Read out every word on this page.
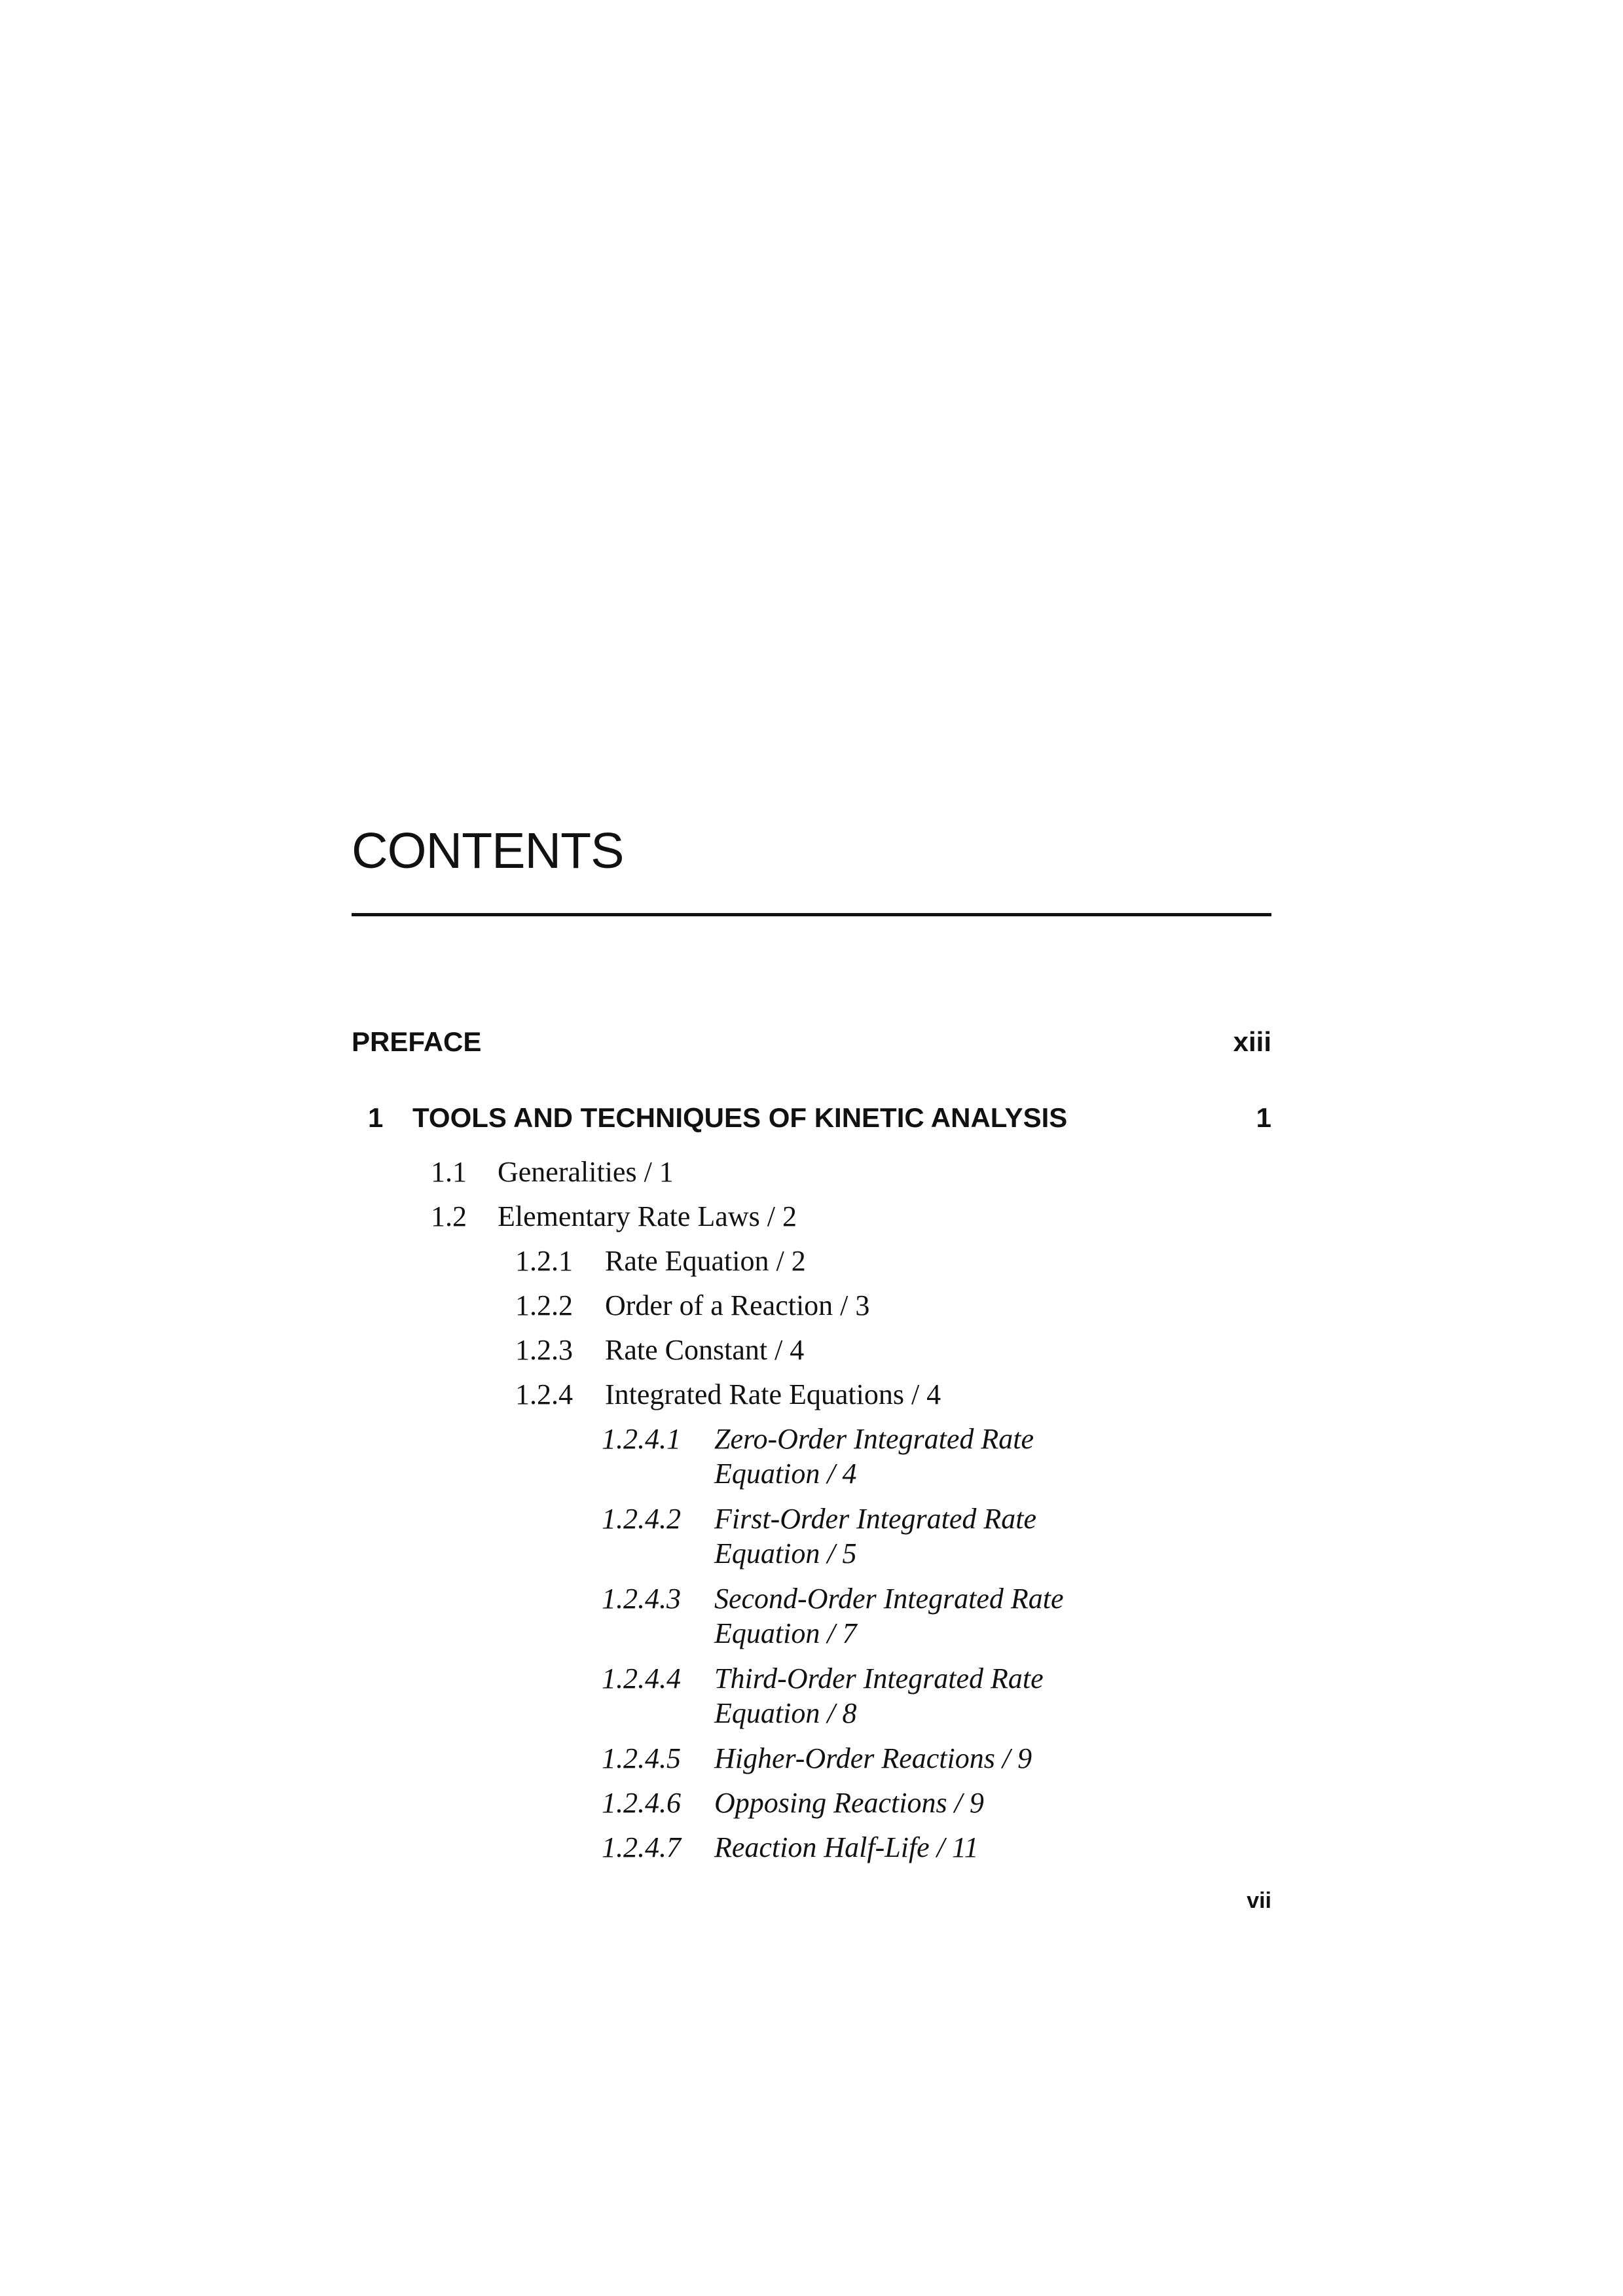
CONTENTS
PREFACE	xiii
1 TOOLS AND TECHNIQUES OF KINETIC ANALYSIS	1
1.1 Generalities / 1
1.2 Elementary Rate Laws / 2
1.2.1 Rate Equation / 2
1.2.2 Order of a Reaction / 3
1.2.3 Rate Constant / 4
1.2.4 Integrated Rate Equations / 4
1.2.4.1 Zero-Order Integrated Rate
Equation / 4
1.2.4.2 First-Order Integrated Rate
Equation / 5
1.2.4.3 Second-Order Integrated Rate
Equation / 7
1.2.4.4 Third-Order Integrated Rate
Equation / 8
1.2.4.5 Higher-Order Reactions / 9
1.2.4.6 Opposing Reactions / 9
1.2.4.7 Reaction Half-Life / 11
vii
